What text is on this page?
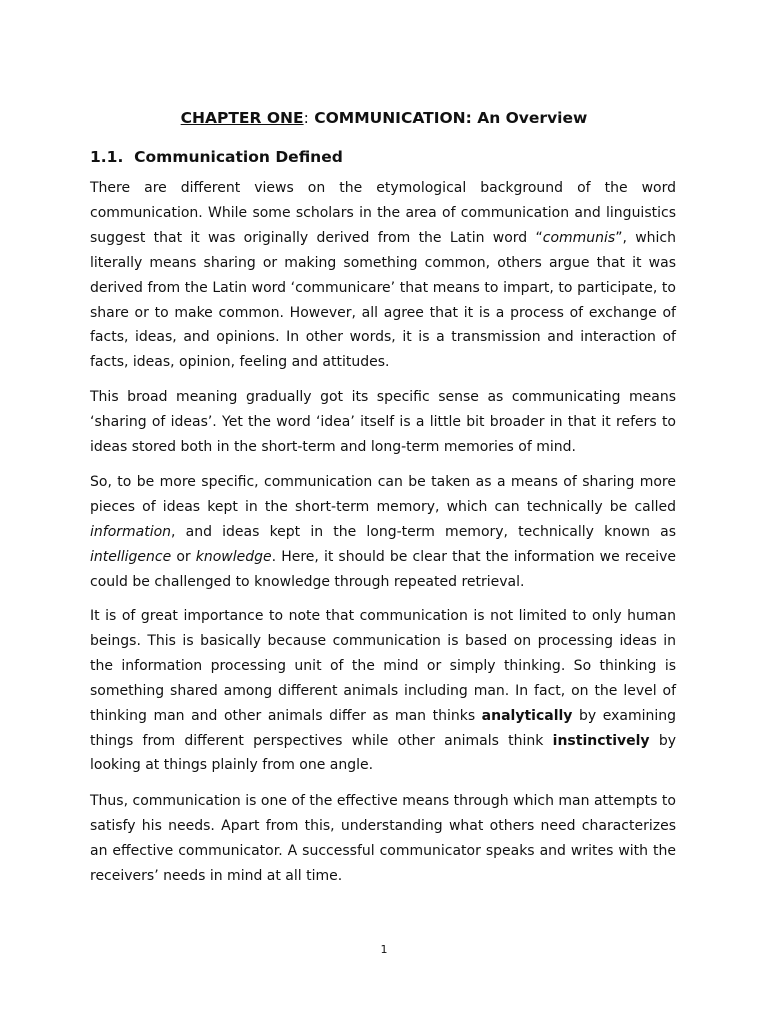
CHAPTER ONE: COMMUNICATION: An Overview
1.1. Communication Defined

There are different views on the etymological background of the word communication. While some scholars in the area of communication and linguistics suggest that it was originally derived from the Latin word “communis”, which literally means sharing or making something common, others argue that it was derived from the Latin word ‘communicare’ that means to impart, to participate, to share or to make common. However, all agree that it is a process of exchange of facts, ideas, and opinions. In other words, it is a transmission and interaction of facts, ideas, opinion, feeling and attitudes.

This broad meaning gradually got its specific sense as communicating means ‘sharing of ideas’. Yet the word ‘idea’ itself is a little bit broader in that it refers to ideas stored both in the short-term and long-term memories of mind.

So, to be more specific, communication can be taken as a means of sharing more pieces of ideas kept in the short-term memory, which can technically be called information, and ideas kept in the long-term memory, technically known as intelligence or knowledge. Here, it should be clear that the information we receive could be challenged to knowledge through repeated retrieval.

It is of great importance to note that communication is not limited to only human beings. This is basically because communication is based on processing ideas in the information processing unit of the mind or simply thinking. So thinking is something shared among different animals including man. In fact, on the level of thinking man and other animals differ as man thinks analytically by examining things from different perspectives while other animals think instinctively by looking at things plainly from one angle.

Thus, communication is one of the effective means through which man attempts to satisfy his needs. Apart from this, understanding what others need characterizes an effective communicator. A successful communicator speaks and writes with the receivers’ needs in mind at all time.

1
